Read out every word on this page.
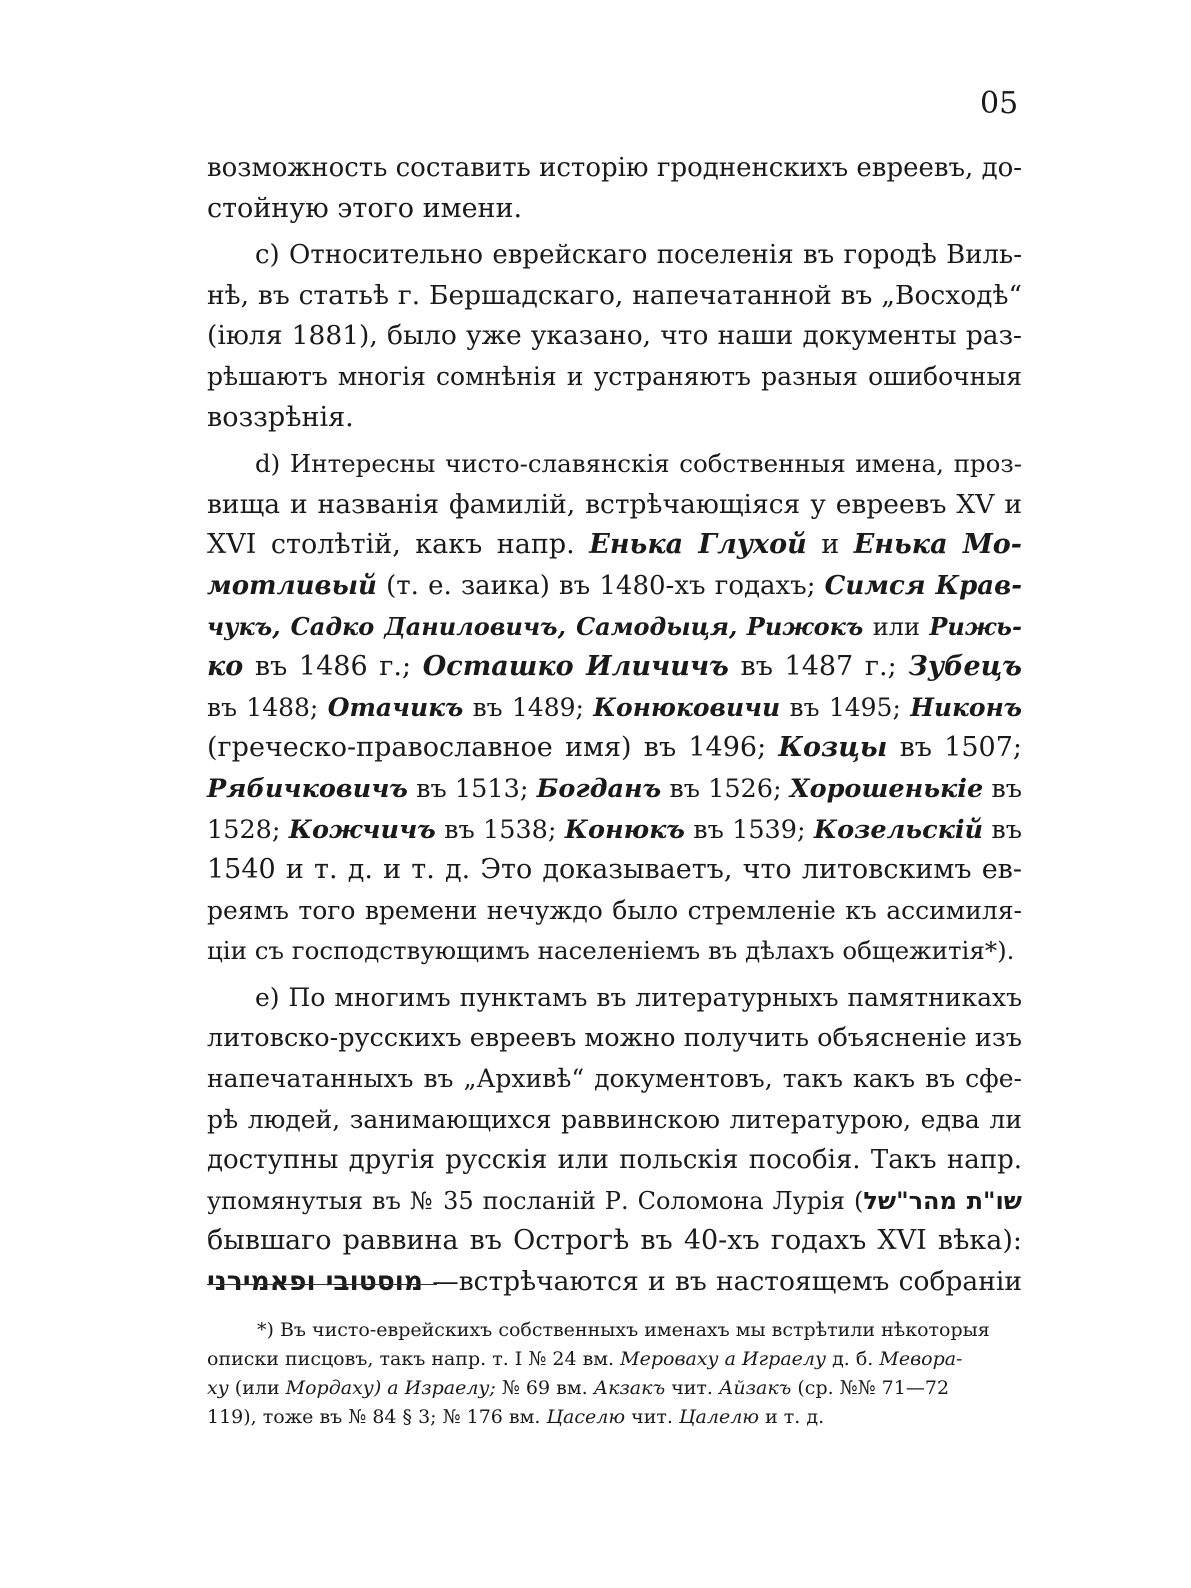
05
возможность составить исторію гродненскихъ евреевъ, до-
стойную этого имени.
c) Относительно еврейскаго поселенія въ городѣ Виль-
нѣ, въ статьѣ г. Бершадскаго, напечатанной въ „Восходѣ“
(іюля 1881), было уже указано, что наши документы раз-
рѣшаютъ многія сомнѣнія и устраняютъ разныя ошибочныя
воззрѣнія.
d) Интересны чисто-славянскія собственныя имена, проз-
вища и названія фамилій, встрѣчающіяся у евреевъ XV и
XVI столѣтій, какъ напр. Енька Глухой и Енька Мо-
мотливый (т. е. заика) въ 1480-хъ годахъ; Симся Крав-
чукъ, Садко Даниловичъ, Самодыця, Рижокъ или Рижь-
ко въ 1486 г.; Осташко Иличичъ въ 1487 г.; Зубецъ
въ 1488; Отачикъ въ 1489; Конюковичи въ 1495; Никонъ
(греческо-православное имя) въ 1496; Козцы въ 1507;
Рябичковичъ въ 1513; Богданъ въ 1526; Хорошенькіе въ
1528; Кожчичъ въ 1538; Конюкъ въ 1539; Козельскій въ
1540 и т. д. и т. д. Это доказываетъ, что литовскимъ ев-
реямъ того времени нечуждо было стремленіе къ ассимиля-
ціи съ господствующимъ населеніемъ въ дѣлахъ общежитія*).
e) По многимъ пунктамъ въ литературныхъ памятникахъ
литовско-русскихъ евреевъ можно получить объясненіе изъ
напечатанныхъ въ „Архивѣ“ документовъ, такъ какъ въ сфе-
рѣ людей, занимающихся раввинскою литературою, едва ли
доступны другія русскія или польскія пособія. Такъ напр.
упомянутыя въ № 35 посланій Р. Соломона Лурія (שו"ת מהר"של
бывшаго раввина въ Острогѣ въ 40-хъ годахъ XVI вѣка):
מוסטובי ופאמירני —встрѣчаются и въ настоящемъ собраніи
*) Въ чисто-еврейскихъ собственныхъ именахъ мы встрѣтили нѣкоторыя
описки писцовъ, такъ напр. т. I № 24 вм. Мероваху а Играелу д. б. Мевора-
ху (или Мордаху) а Израелу; № 69 вм. Акзакъ чит. Айзакъ (ср. №№ 71—72
119), тоже въ № 84 § 3; № 176 вм. Цаселю чит. Цалелю и т. д.
